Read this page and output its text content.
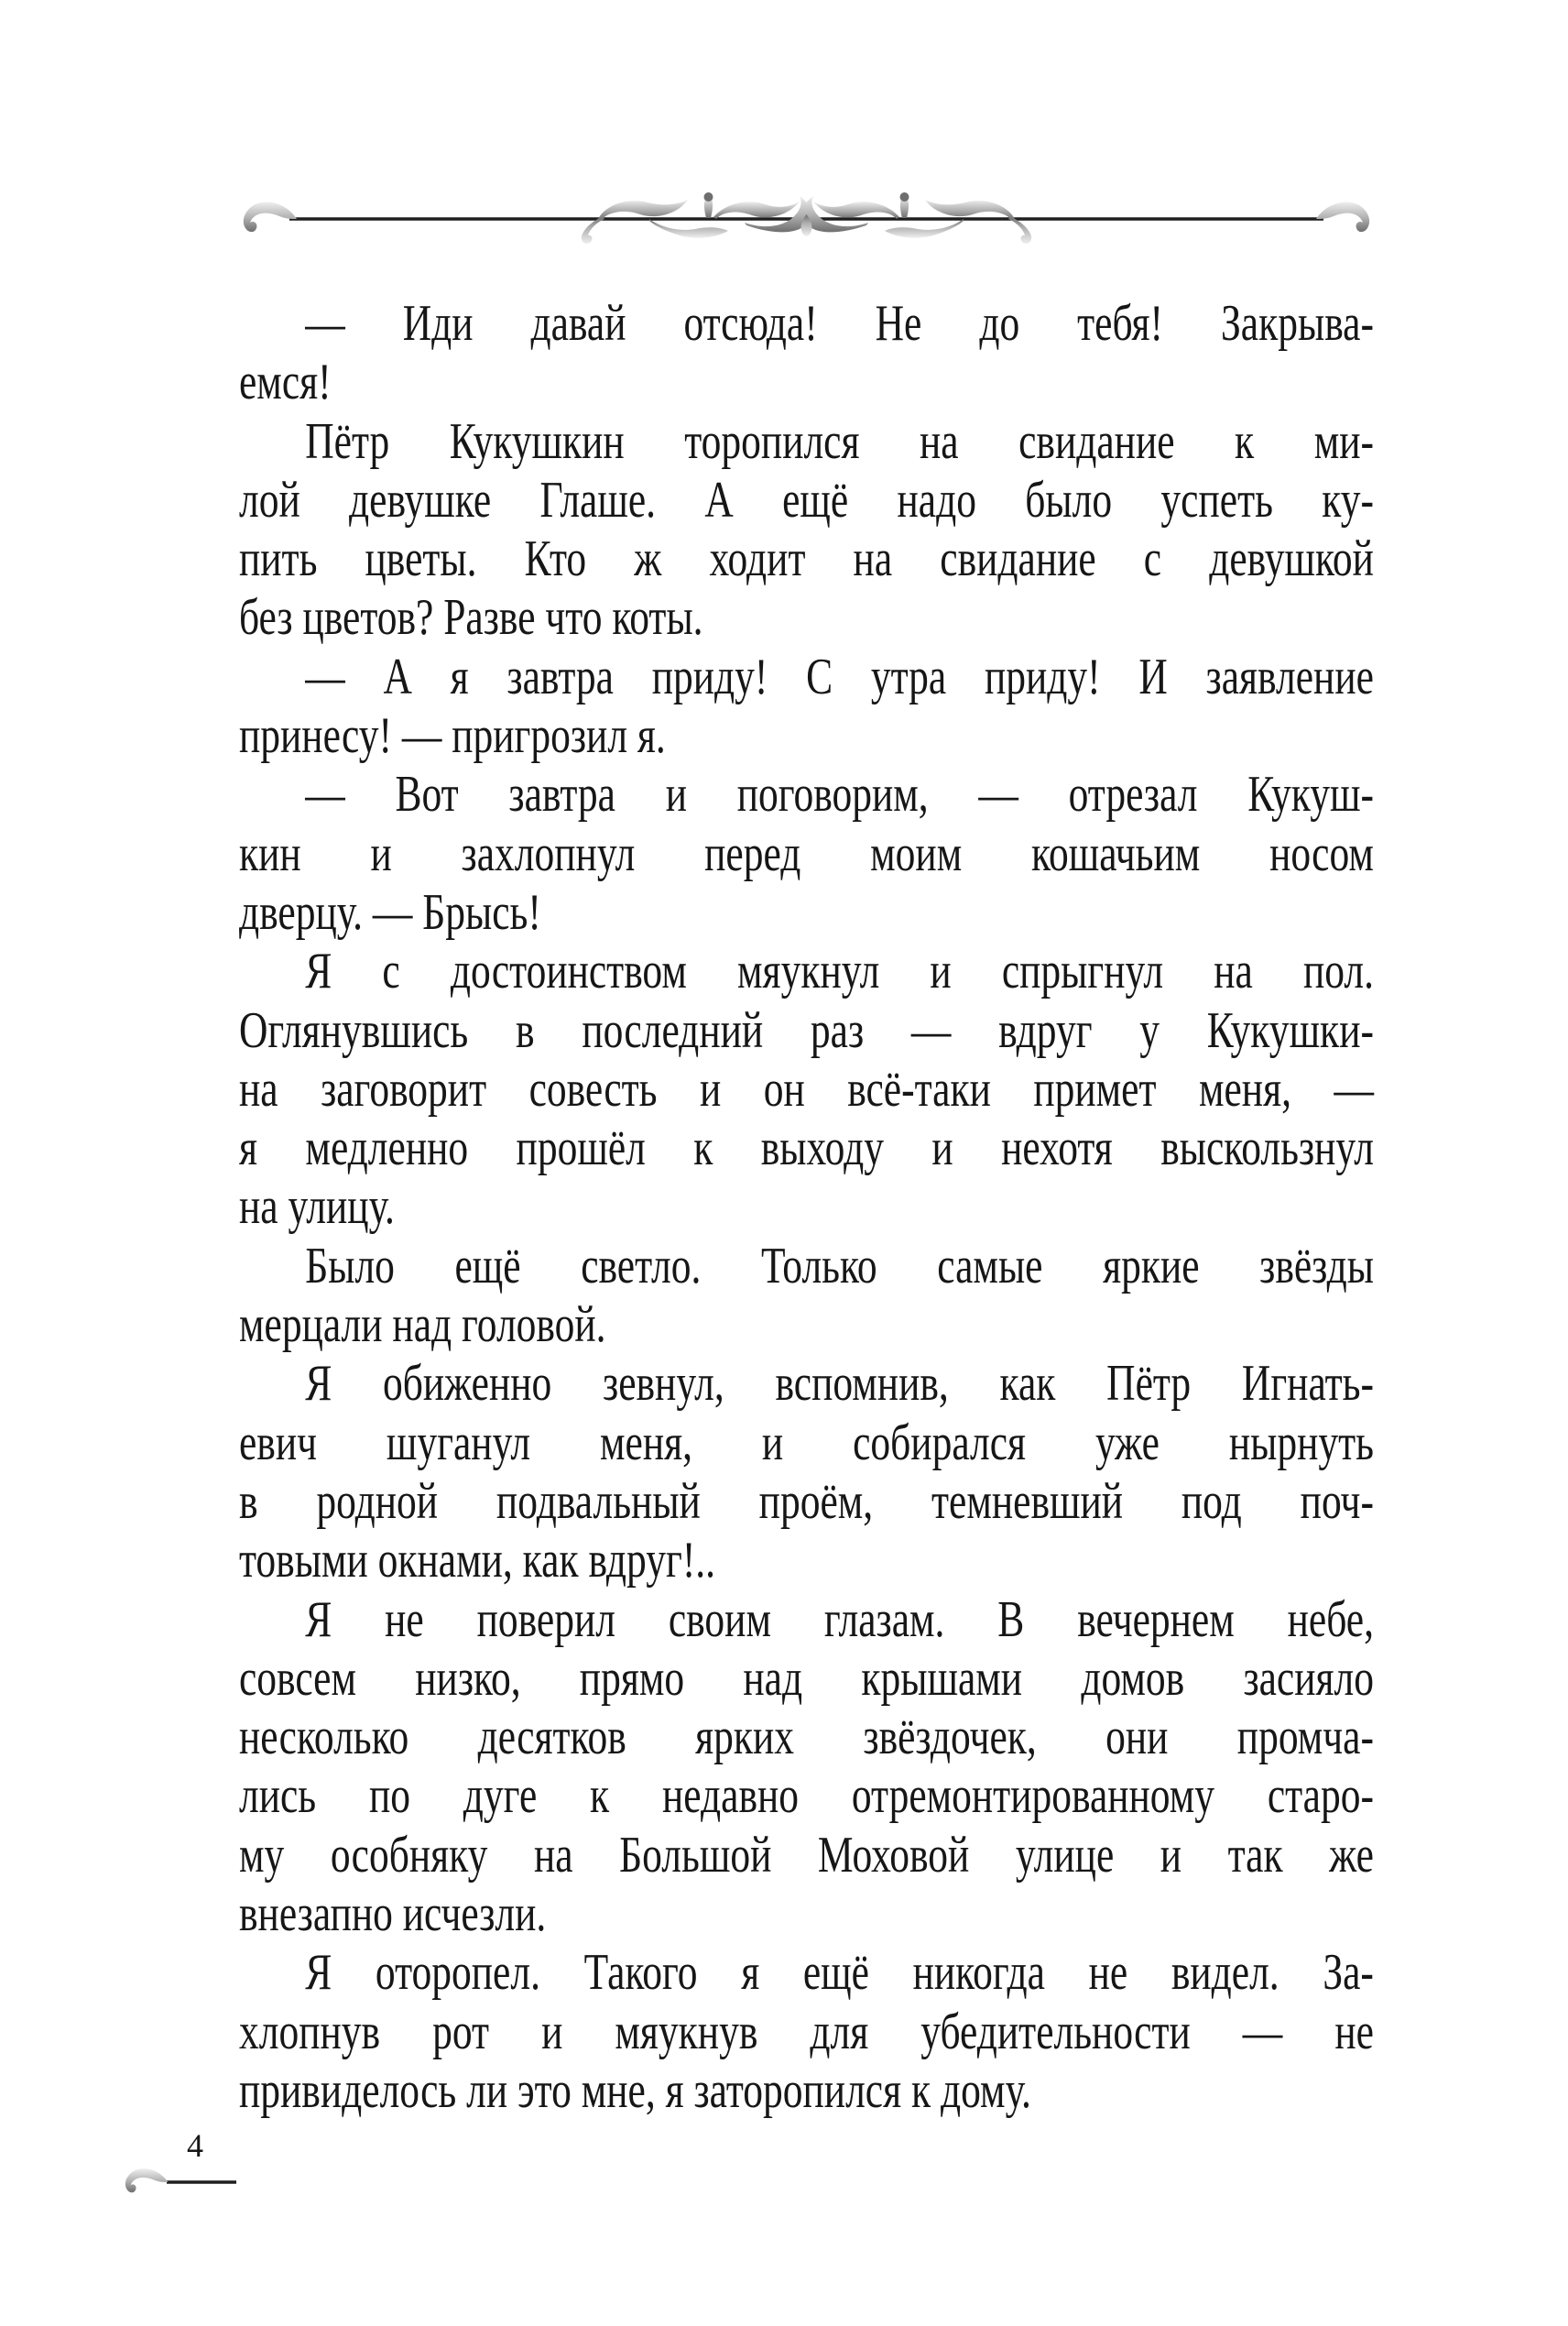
— Иди давай отсюда! Не до тебя! Закрыва-
емся!
Пётр Кукушкин торопился на свидание к ми-
лой девушке Глаше. А ещё надо было успеть ку-
пить цветы. Кто ж ходит на свидание с девушкой
без цветов? Разве что коты.
— А я завтра приду! С утра приду! И заявление
принесу! — пригрозил я.
— Вот завтра и поговорим, — отрезал Кукуш-
кин и захлопнул перед моим кошачьим носом
дверцу. — Брысь!
Я с достоинством мяукнул и спрыгнул на пол.
Оглянувшись в последний раз — вдруг у Кукушки-
на заговорит совесть и он всё-таки примет меня, —
я медленно прошёл к выходу и нехотя выскользнул
на улицу.
Было ещё светло. Только самые яркие звёзды
мерцали над головой.
Я обиженно зевнул, вспомнив, как Пётр Игнать-
евич шуганул меня, и собирался уже нырнуть
в родной подвальный проём, темневший под поч-
товыми окнами, как вдруг!..
Я не поверил своим глазам. В вечернем небе,
совсем низко, прямо над крышами домов засияло
несколько десятков ярких звёздочек, они промча-
лись по дуге к недавно отремонтированному старо-
му особняку на Большой Моховой улице и так же
внезапно исчезли.
Я оторопел. Такого я ещё никогда не видел. За-
хлопнув рот и мяукнув для убедительности — не
привиделось ли это мне, я заторопился к дому.
4
